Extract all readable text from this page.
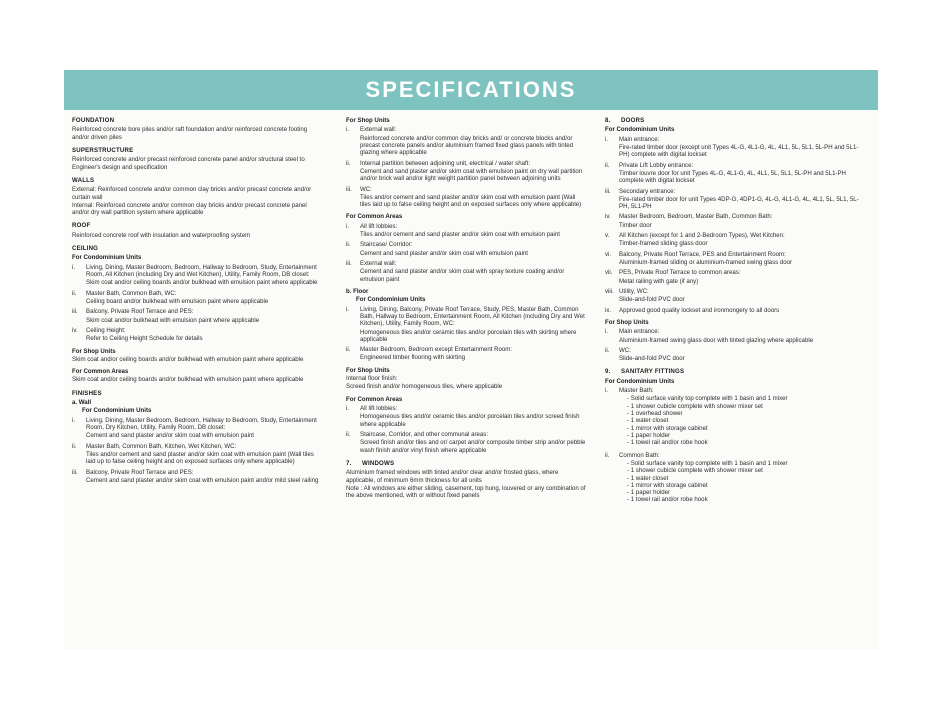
SPECIFICATIONS
FOUNDATION
Reinforced concrete bore piles and/or raft foundation and/or reinforced concrete footing and/or driven piles
SUPERSTRUCTURE
Reinforced concrete and/or precast reinforced concrete panel and/or structural steel to Engineer's design and specification
WALLS
External: Reinforced concrete and/or common clay bricks and/or precast concrete and/or curtain wall
Internal: Reinforced concrete and/or common clay bricks and/or precast concrete panel and/or dry wall partition system where applicable
ROOF
Reinforced concrete roof with insulation and waterproofing system
CEILING
For Condominium Units
i.	Living, Dining, Master Bedroom, Bedroom, Hallway to Bedroom, Study, Entertainment Room, All Kitchen (including Dry and Wet Kitchen), Utility, Family Room, DB closet:
Skim coat and/or ceiling boards and/or bulkhead with emulsion paint where applicable
ii.	Master Bath, Common Bath, WC:
Ceiling board and/or bulkhead with emulsion paint where applicable
iii.	Balcony, Private Roof Terrace and PES:
Skim coat and/or bulkhead with emulsion paint where applicable
iv.	Ceiling Height:
Refer to Ceiling Height Schedule for details
For Shop Units
Skim coat and/or ceiling boards and/or bulkhead with emulsion paint where applicable
For Common Areas
Skim coat and/or ceiling boards and/or bulkhead with emulsion paint where applicable
FINISHES
a. Wall
For Condominium Units
i.	Living, Dining, Master Bedroom, Bedroom, Hallway to Bedroom, Study, Entertainment Room, Dry Kitchen, Utility, Family Room, DB closet:
Cement and sand plaster and/or skim coat with emulsion paint
ii.	Master Bath, Common Bath, Kitchen, Wet Kitchen, WC:
Tiles and/or cement and sand plaster and/or skim coat with emulsion paint (Wall tiles laid up to false ceiling height and on exposed surfaces only where applicable)
iii.	Balcony, Private Roof Terrace and PES:
Cement and sand plaster and/or skim coat with emulsion paint and/or mild steel railing
For Shop Units
i.	External wall:
Reinforced concrete and/or common clay bricks and/ or concrete blocks and/or precast concrete panels and/or aluminium framed fixed glass panels with tinted glazing where applicable
ii.	Internal partition between adjoining unit, electrical / water shaft:
Cement and sand plaster and/or skim coat with emulsion paint on dry wall partition and/or brick wall and/or light weight partition panel between adjoining units
iii.	WC:
Tiles and/or cement and sand plaster and/or skim coat with emulsion paint (Wall tiles laid up to false ceiling height and on exposed surfaces only where applicable)
For Common Areas
i.	All lift lobbies:
Tiles and/or cement and sand plaster and/or skim coat with emulsion paint
ii.	Staircase/ Corridor:
Cement and sand plaster and/or skim coat with emulsion paint
iii.	External wall:
Cement and sand plaster and/or skim coat with spray texture coating and/or emulsion paint
b. Floor
For Condominium Units
i.	Living, Dining, Balcony, Private Roof Terrace, Study, PES, Master Bath, Common Bath, Hallway to Bedroom, Entertainment Room, All Kitchen (including Dry and Wet Kitchen), Utility, Family Room, WC:
Homogeneous tiles and/or ceramic tiles and/or porcelain tiles with skirting where applicable
ii.	Master Bedroom, Bedroom except Entertainment Room:
Engineered timber flooring with skirting
For Shop Units
Internal floor finish:
Screed finish and/or homogeneous tiles, where applicable
For Common Areas
i.	All lift lobbies:
Homogeneous tiles and/or ceramic tiles and/or porcelain tiles and/or screed finish where applicable
ii.	Staircase, Corridor, and other communal areas:
Screed finish and/or tiles and or/ carpet and/or composite timber strip and/or pebble wash finish and/or vinyl finish where applicable
7. WINDOWS
Aluminium framed windows with tinted and/or clear and/or frosted glass, where applicable, of minimum 6mm thickness for all units
Note : All windows are either sliding, casement, top hung, louvered or any combination of the above mentioned, with or without fixed panels
8. DOORS
For Condominium Units
i.	Main entrance:
Fire-rated timber door (except unit Types 4L-G, 4L1-G, 4L, 4L1, 5L, 5L1, 5L-PH and 5L1- PH) complete with digital lockset
ii.	Private Lift Lobby entrance:
Timber louvre door for unit Types 4L-G, 4L1-G, 4L, 4L1, 5L, 5L1, 5L-PH and 5L1-PH complete with digital lockset
iii.	Secondary entrance:
Fire-rated timber door for unit Types 4DP-G, 4DP1-G, 4L-G, 4L1-G, 4L, 4L1, 5L, 5L1, 5L-PH, 5L1-PH
iv.	Master Bedroom, Bedroom, Master Bath, Common Bath:
Timber door
v.	All Kitchen (except for 1 and 2-Bedroom Types), Wet Kitchen:
Timber-framed sliding glass door
vi.	Balcony, Private Roof Terrace, PES and Entertainment Room:
Aluminium-framed sliding or aluminium-framed swing glass door
vii.	PES, Private Roof Terrace to common areas:
Metal railing with gate (if any)
viii. Utility, WC:
Slide-and-fold PVC door
ix.	Approved good quality lockset and ironmongery to all doors
For Shop Units
i.	Main entrance:
Aluminium-framed swing glass door with tinted glazing where applicable
ii.	WC:
Slide-and-fold PVC door
9. SANITARY FITTINGS
For Condominium Units
i.	Master Bath:
- Solid surface vanity top complete with 1 basin and 1 mixer
- 1 shower cubicle complete with shower mixer set
- 1 overhead shower
- 1 water closet
- 1 mirror with storage cabinet
- 1 paper holder
- 1 towel rail and/or robe hook
ii.	Common Bath:
- Solid surface vanity top complete with 1 basin and 1 mixer
- 1 shower cubicle complete with shower mixer set
- 1 water closet
- 1 mirror with storage cabinet
- 1 paper holder
- 1 towel rail and/or robe hook
